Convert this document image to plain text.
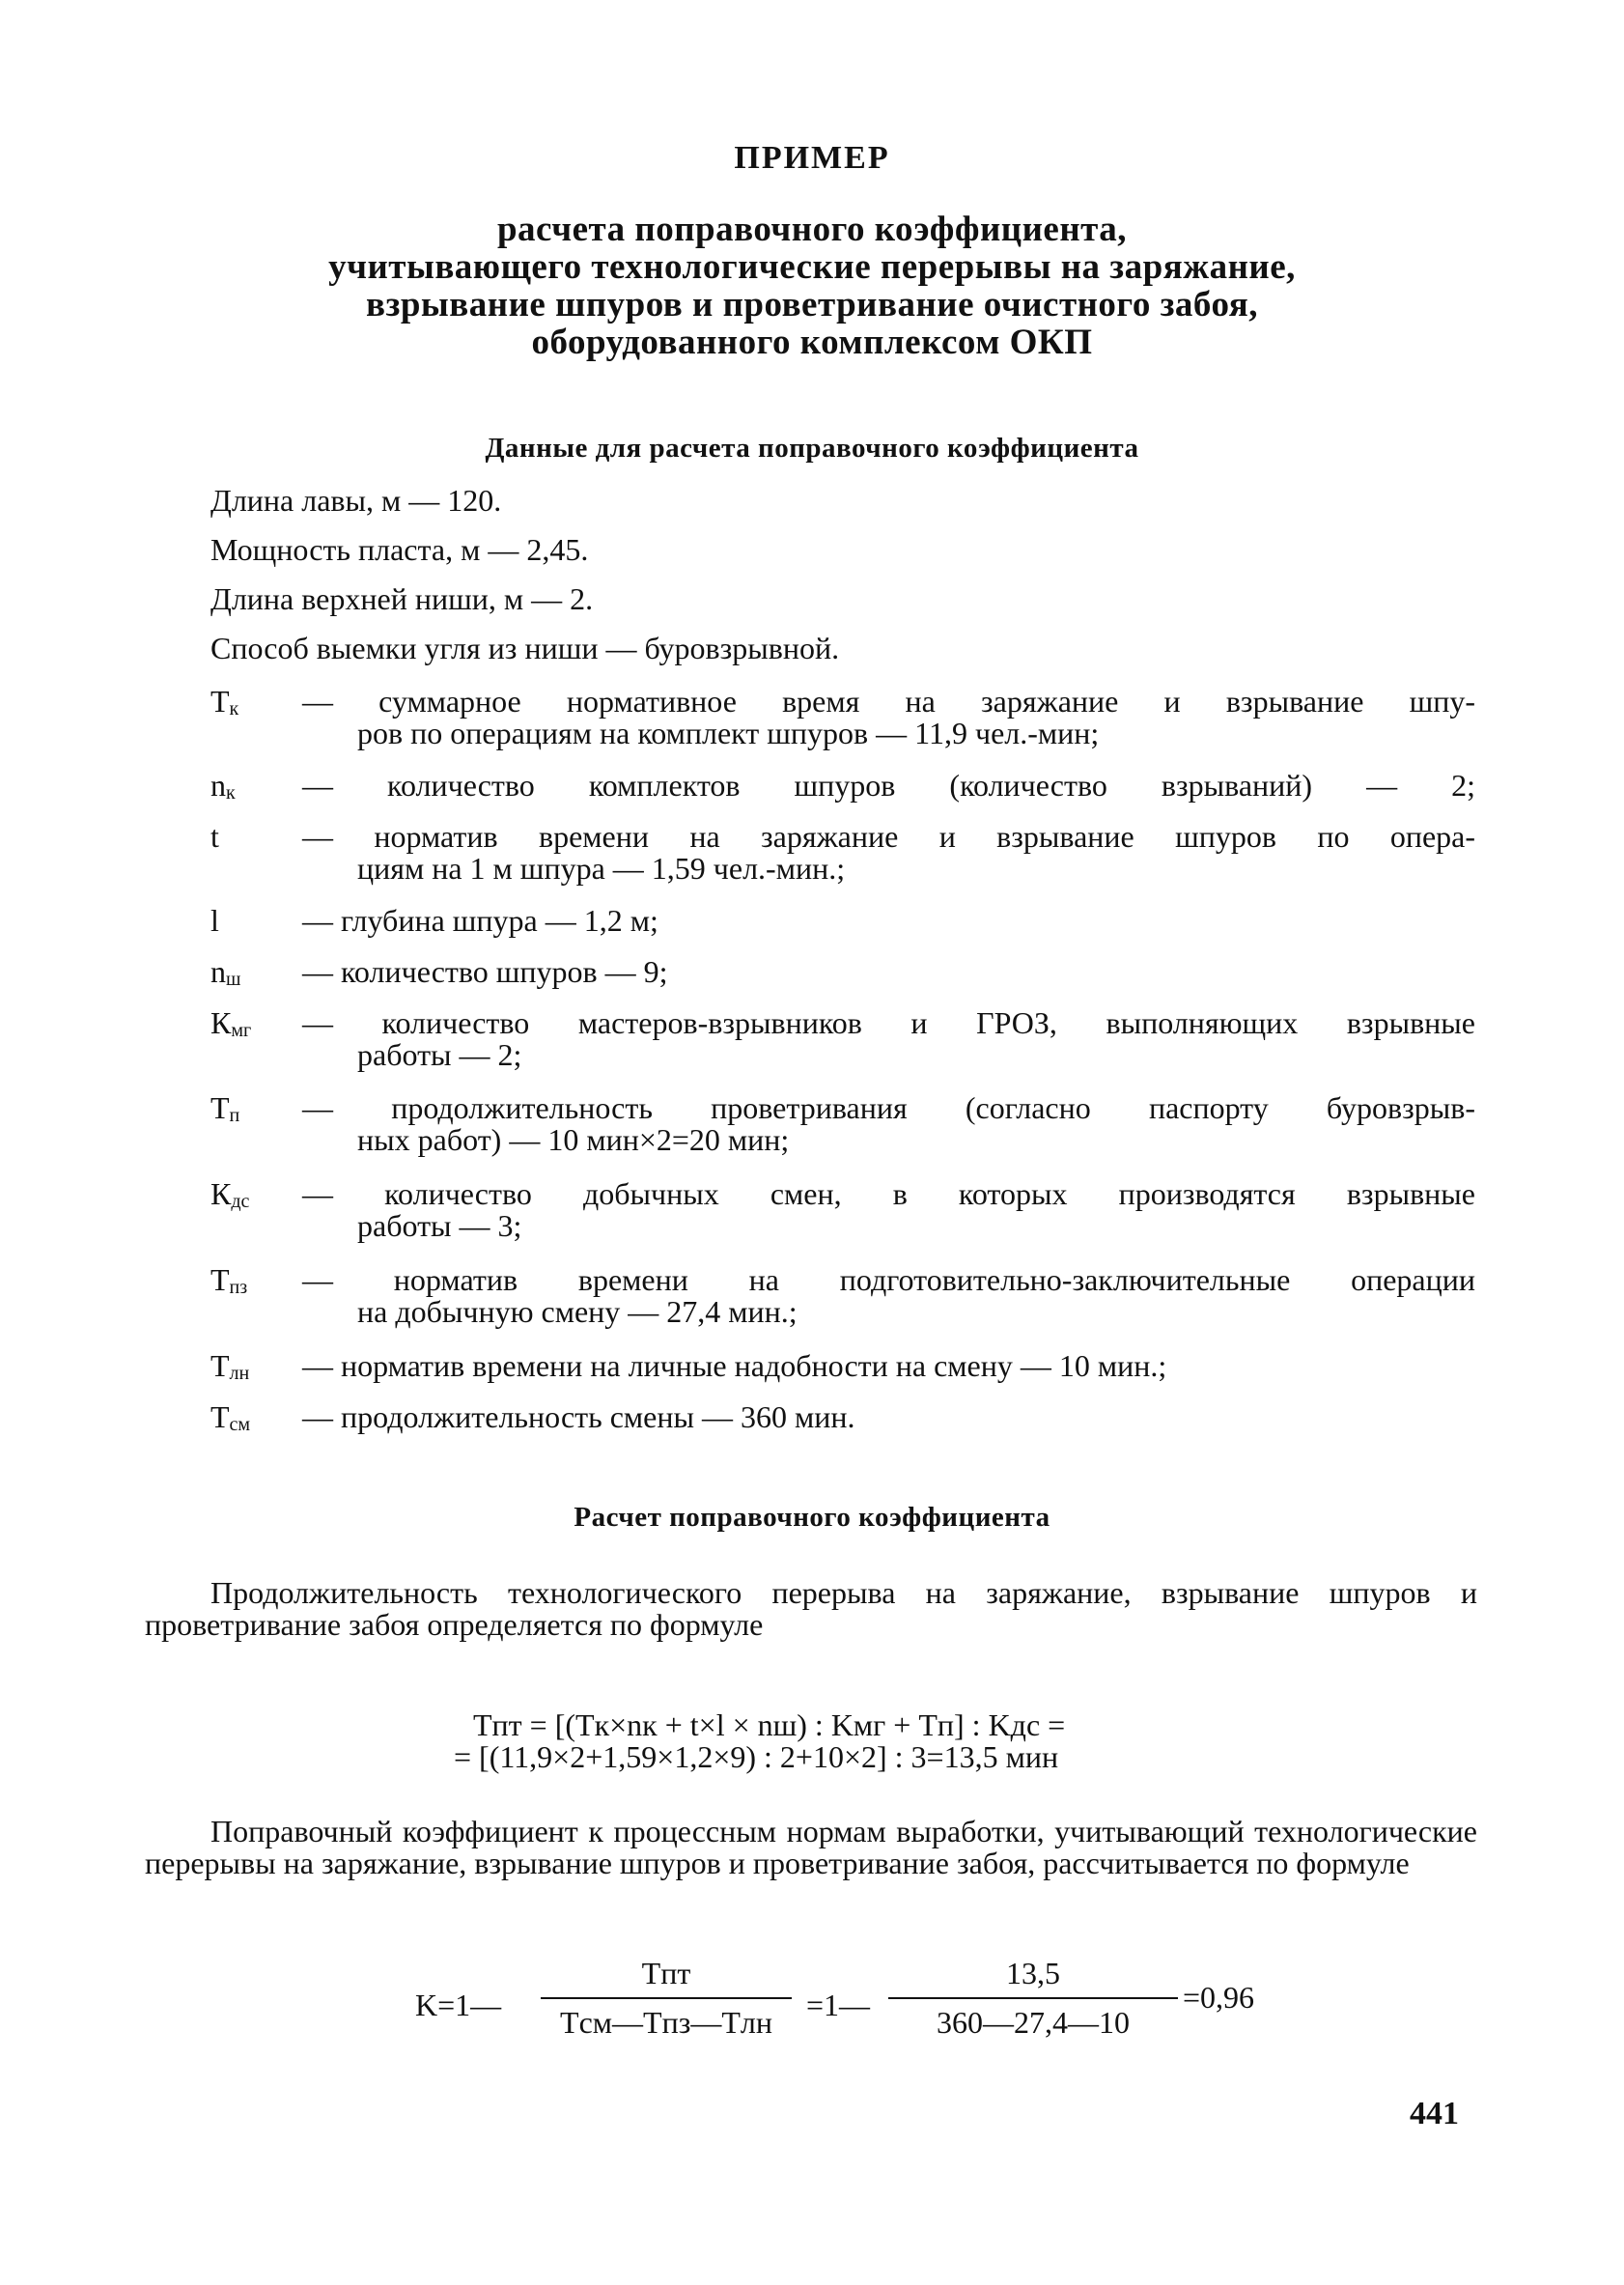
ПРИМЕР
расчета поправочного коэффициента,
учитывающего технологические перерывы на заряжание,
взрывание шпуров и проветривание очистного забоя,
оборудованного комплексом ОКП
Данные для расчета поправочного коэффициента
Длина лавы, м — 120.
Мощность пласта, м — 2,45.
Длина верхней ниши, м — 2.
Способ выемки угля из ниши — буровзрывной.
$T_к$	— суммарное нормативное время на заряжание и взрывание шпу-
ров по операциям на комплект шпуров — 11,9 чел.-мин;
$n_к$	— количество комплектов шпуров (количество взрываний) — 2;
t	— норматив времени на заряжание и взрывание шпуров по опера-
циям на 1 м шпура — 1,59 чел.-мин.;
l	— глубина шпура — 1,2 м;
$n_ш$	— количество шпуров — 9;
$К_{мг}$	— количество мастеров-взрывников и ГРОЗ, выполняющих взрывные
работы — 2;
$T_п$	— продолжительность проветривания (согласно паспорту буровзрыв-
ных работ) — 10 мин×2=20 мин;
$К_{дс}$	— количество добычных смен, в которых производятся взрывные
работы — 3;
$T_{пз}$	— норматив времени на подготовительно-заключительные операции
на добычную смену — 27,4 мин.;
$T_{лн}$	— норматив времени на личные надобности на смену — 10 мин.;
$T_{см}$	— продолжительность смены — 360 мин.
Расчет поправочного коэффициента
Продолжительность технологического перерыва на заряжание, взрывание шпуров и проветривание забоя определяется по формуле
Tпт = [(Tк×nк + t×l × nш) : Kмг + Tп] : Kдс =
= [(11,9×2+1,59×1,2×9) : 2+10×2] : 3=13,5 мин
Поправочный коэффициент к процессным нормам выработки, учитывающий технологические перерывы на заряжание, взрывание шпуров и проветривание забоя, рассчитывается по формуле
K=1—
Tпт
Tсм—Tпз—Tлн	=1— $\frac{13,5}{360—27,4—10} =0,96$
441
